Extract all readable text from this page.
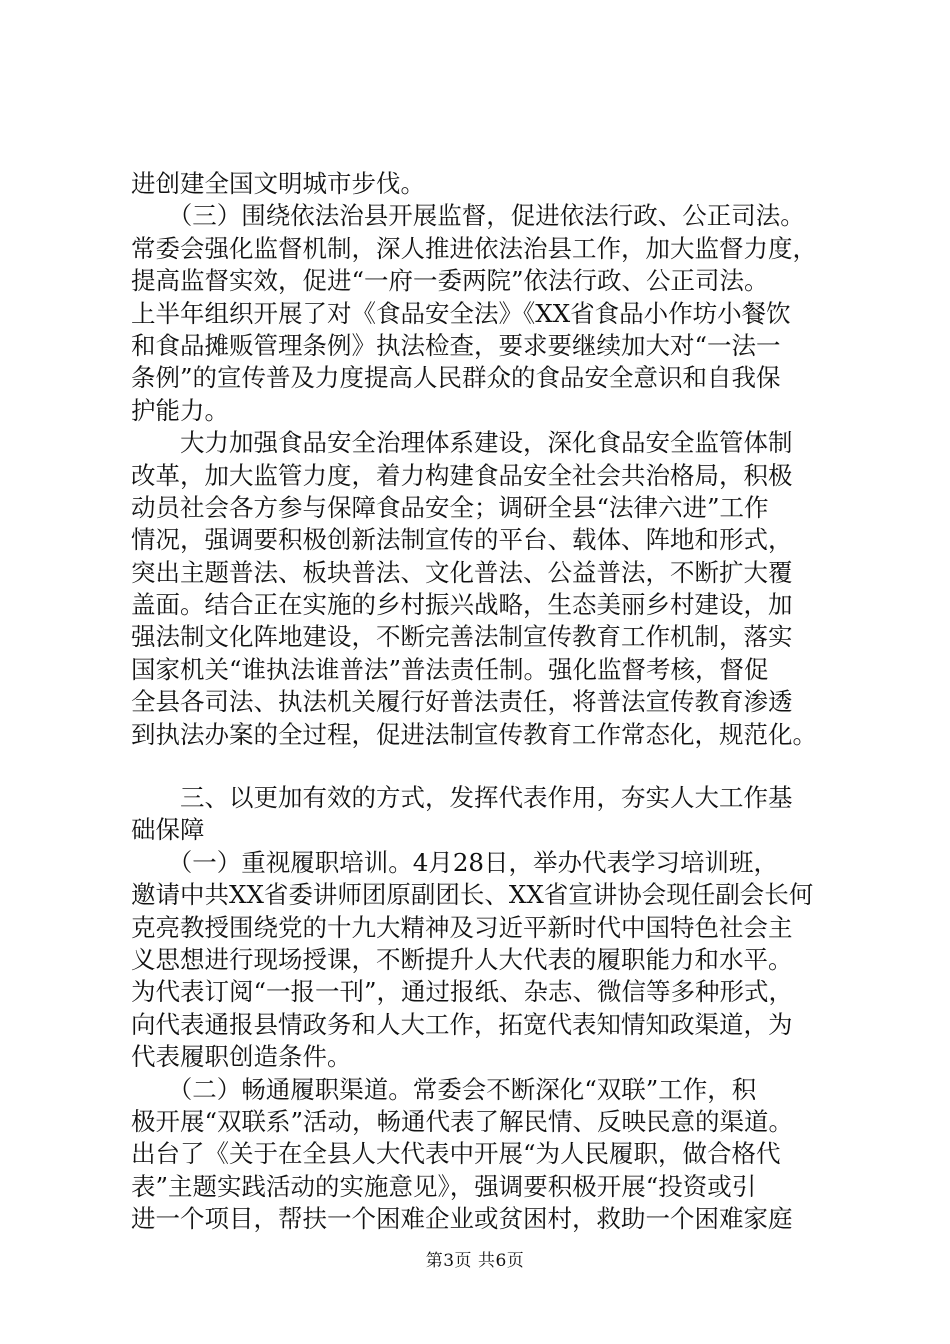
进创建全国文明城市步伐。
　　（三）围绕依法治县开展监督，促进依法行政、公正司法。
常委会强化监督机制，深人推进依法治县工作，加大监督力度，
提高监督实效，促进“一府一委两院”依法行政、公正司法。
上半年组织开展了对《食品安全法》《XX省食品小作坊小餐饮
和食品摊贩管理条例》执法检查，要求要继续加大对“一法一
条例”的宣传普及力度提高人民群众的食品安全意识和自我保
护能力。
　　大力加强食品安全治理体系建设，深化食品安全监管体制
改革，加大监管力度，着力构建食品安全社会共治格局，积极
动员社会各方参与保障食品安全；调研全县“法律六进”工作
情况，强调要积极创新法制宣传的平台、载体、阵地和形式，
突出主题普法、板块普法、文化普法、公益普法，不断扩大覆
盖面。结合正在实施的乡村振兴战略，生态美丽乡村建设，加
强法制文化阵地建设，不断完善法制宣传教育工作机制，落实
国家机关“谁执法谁普法”普法责任制。强化监督考核，督促
全县各司法、执法机关履行好普法责任，将普法宣传教育渗透
到执法办案的全过程，促进法制宣传教育工作常态化，规范化。
　　三、以更加有效的方式，发挥代表作用，夯实人大工作基
础保障
　　（一）重视履职培训。4月28日，举办代表学习培训班，
邀请中共XX省委讲师团原副团长、XX省宣讲协会现任副会长何
克亮教授围绕党的十九大精神及习近平新时代中国特色社会主
义思想进行现场授课，不断提升人大代表的履职能力和水平。
为代表订阅“一报一刊”，通过报纸、杂志、微信等多种形式，
向代表通报县情政务和人大工作，拓宽代表知情知政渠道，为
代表履职创造条件。
　　（二）畅通履职渠道。常委会不断深化“双联”工作，积
极开展“双联系”活动，畅通代表了解民情、反映民意的渠道。
出台了《关于在全县人大代表中开展“为人民履职，做合格代
表”主题实践活动的实施意见》，强调要积极开展“投资或引
进一个项目，帮扶一个困难企业或贫困村，救助一个困难家庭
第3页 共6页
